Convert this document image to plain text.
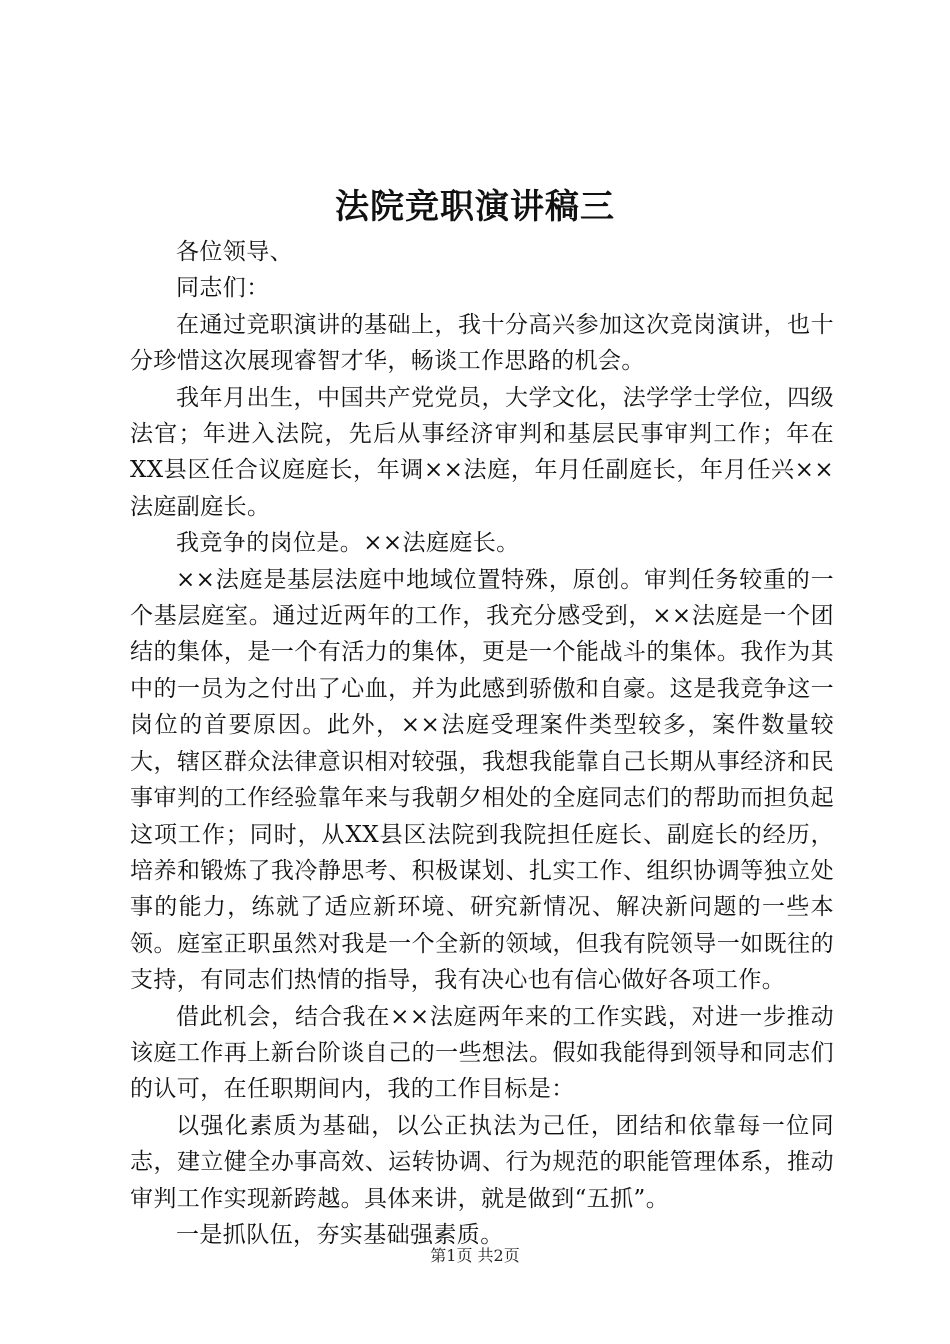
法院竞职演讲稿三

各位领导、

同志们：

在通过竞职演讲的基础上，我十分高兴参加这次竞岗演讲，也十分珍惜这次展现睿智才华，畅谈工作思路的机会。

我年月出生，中国共产党党员，大学文化，法学学士学位，四级法官；年进入法院，先后从事经济审判和基层民事审判工作；年在XX县区任合议庭庭长，年调××法庭，年月任副庭长，年月任兴××法庭副庭长。

我竞争的岗位是。××法庭庭长。

××法庭是基层法庭中地域位置特殊，原创。审判任务较重的一个基层庭室。通过近两年的工作，我充分感受到，××法庭是一个团结的集体，是一个有活力的集体，更是一个能战斗的集体。我作为其中的一员为之付出了心血，并为此感到骄傲和自豪。这是我竞争这一岗位的首要原因。此外，××法庭受理案件类型较多，案件数量较大，辖区群众法律意识相对较强，我想我能靠自己长期从事经济和民事审判的工作经验靠年来与我朝夕相处的全庭同志们的帮助而担负起这项工作；同时，从XX县区法院到我院担任庭长、副庭长的经历，培养和锻炼了我冷静思考、积极谋划、扎实工作、组织协调等独立处事的能力，练就了适应新环境、研究新情况、解决新问题的一些本领。庭室正职虽然对我是一个全新的领域，但我有院领导一如既往的支持，有同志们热情的指导，我有决心也有信心做好各项工作。

借此机会，结合我在××法庭两年来的工作实践，对进一步推动该庭工作再上新台阶谈自己的一些想法。假如我能得到领导和同志们的认可，在任职期间内，我的工作目标是：

以强化素质为基础，以公正执法为己任，团结和依靠每一位同志，建立健全办事高效、运转协调、行为规范的职能管理体系，推动审判工作实现新跨越。具体来讲，就是做到“五抓”。

一是抓队伍，夯实基础强素质。

第1页 共2页
